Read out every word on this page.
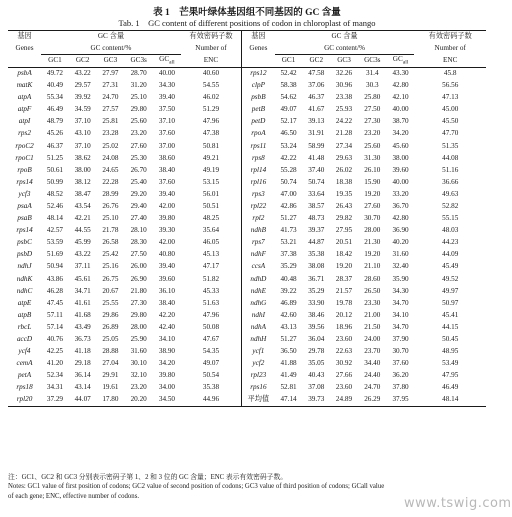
表 1　芒果叶绿体基因组不同基因的 GC 含量
Tab. 1　GC content of different positions of codon in chloroplast of mango
基因	GC 含量					有效密码子数	基因	GC 含量					有效密码子数
Genes	GC content/%					Number of	Genes	GC content/%					Number of
	GC1	GC2	GC3	GC3s	$GC_{all}$	ENC		GC1	GC2	GC3	GC3s	$GC_{all}$	ENC
psbA	49.72	43.22	27.97	28.70	40.00	40.60	rps12	52.42	47.58	32.26	31.4	43.30	45.8
matK	40.49	29.57	27.31	31.20	34.30	54.55	clpP	58.38	37.06	30.96	30.3	42.80	56.56
atpA	55.34	39.92	24.70	25.10	39.40	46.02	psbB	54.62	46.37	23.38	25.80	42.10	47.13
atpF	46.49	34.59	27.57	29.80	37.50	51.29	petB	49.07	41.67	25.93	27.50	40.00	45.00
atpI	48.79	37.10	25.81	25.60	37.10	47.96	petD	52.17	39.13	24.22	27.30	38.70	45.50
rps2	45.26	43.10	23.28	23.20	37.60	47.38	rpoA	46.50	31.91	21.28	23.20	34.20	47.70
rpoC2	46.37	37.10	25.02	27.60	37.00	50.81	rps11	53.24	58.99	27.34	25.60	45.60	51.35
rpoC1	51.25	38.62	24.08	25.30	38.60	49.21	rps8	42.22	41.48	29.63	31.30	38.00	44.08
rpoB	50.61	38.00	24.65	26.70	38.40	49.19	rpl14	55.28	37.40	26.02	26.10	39.60	51.16
rps14	50.99	38.12	22.28	25.40	37.60	53.15	rpl16	50.74	50.74	18.38	15.90	40.00	36.66
ycf3	48.52	38.47	28.99	29.20	39.40	56.01	rps3	47.00	33.64	19.35	19.20	33.20	49.63
psaA	52.46	43.54	26.76	29.40	42.00	50.51	rpl22	42.86	38.57	26.43	27.60	36.70	52.82
psaB	48.14	42.21	25.10	27.40	39.80	48.25	rpl2	51.27	48.73	29.82	30.70	42.80	55.15
rps14	42.57	44.55	21.78	28.10	39.30	35.64	ndhB	41.73	39.37	27.95	28.00	36.90	48.03
psbC	53.59	45.99	26.58	28.30	42.00	46.05	rps7	53.21	44.87	20.51	21.30	40.20	44.23
psbD	51.69	43.22	25.42	27.50	40.80	45.13	ndhF	37.38	35.38	18.42	19.20	31.60	44.09
ndhJ	50.94	37.11	25.16	26.00	39.40	47.17	ccsA	35.29	38.08	19.20	21.10	32.40	45.49
ndhK	43.86	45.61	26.75	26.90	39.60	51.82	ndhD	40.48	36.71	28.37	28.60	35.90	49.52
ndhC	46.28	34.71	20.67	21.80	36.10	45.33	ndhE	39.22	35.29	21.57	26.50	34.30	49.97
atpE	47.45	41.61	25.55	27.30	38.40	51.63	ndhG	46.89	33.90	19.78	23.30	34.70	50.97
atpB	57.11	41.68	29.86	29.80	42.20	47.96	ndhI	42.60	38.46	20.12	21.00	34.10	45.41
rbcL	57.14	43.49	26.89	28.00	42.40	50.08	ndhA	43.13	39.56	18.96	21.50	34.70	44.15
accD	40.76	36.73	25.05	25.90	34.10	47.67	ndhH	51.27	36.04	23.60	24.00	37.90	50.45
ycf4	42.25	41.18	28.88	31.60	38.90	54.35	ycf1	36.50	29.78	22.63	23.70	30.70	48.95
cemA	41.20	29.18	27.04	30.10	34.20	49.07	ycf2	41.88	35.05	30.92	34.40	37.60	53.49
petA	52.34	36.14	29.91	32.10	39.80	50.54	rpl23	41.49	40.43	27.66	24.40	36.20	47.95
rps18	34.31	43.14	19.61	23.20	34.00	35.38	rps16	52.81	37.08	23.60	24.70	37.80	46.49
rpl20	37.29	44.07	17.80	20.20	34.50	44.96	平均值	47.14	39.73	24.89	26.29	37.95	48.14
注：GC1、GC2 和 GC3 分别表示密码子第 1、2 和 3 位的 GC 含量；ENC 表示有效密码子数。
Notes: GC1 value of first position of codons; GC2 value of second position of codons; GC3 value of third position of codons; GCall value
of each gene; ENC, effective number of codons.	www.tswig.com
